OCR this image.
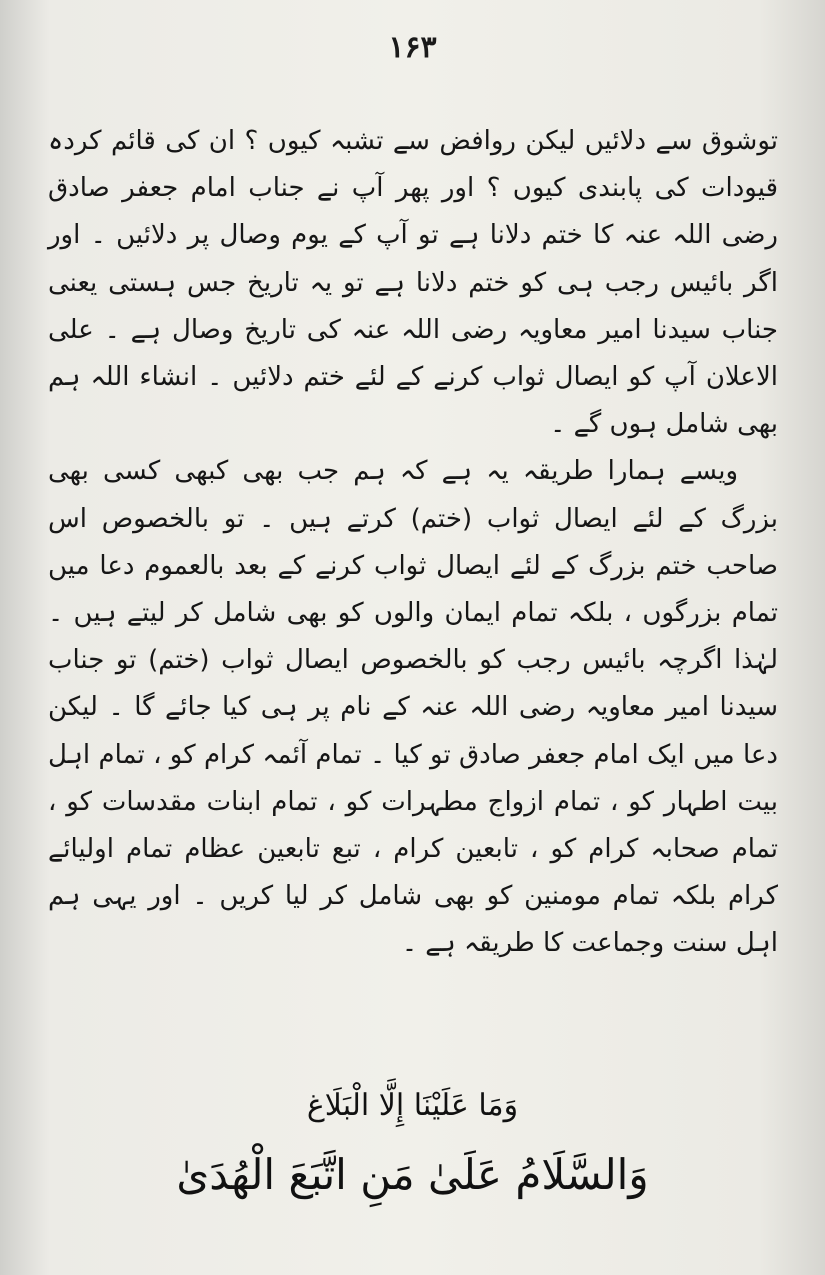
۱۶۳

توشوق سے دلائیں لیکن روافض سے تشبہ کیوں ؟ ان کی قائم کردہ قیودات کی پابندی کیوں ؟ اور پھر آپ نے جناب امام جعفر صادق رضی اللہ عنہ کا ختم دلانا ہے تو آپ کے یوم وصال پر دلائیں ۔ اور اگر بائیس رجب ہی کو ختم دلانا ہے تو یہ تاریخ جس ہستی یعنی جناب سیدنا امیر معاویہ رضی اللہ عنہ کی تاریخ وصال ہے ۔ علی الاعلان آپ کو ایصال ثواب کرنے کے لئے ختم دلائیں ۔ انشاء اللہ ہم بھی شامل ہوں گے ۔

ویسے ہمارا طریقہ یہ ہے کہ ہم جب بھی کبھی کسی بھی بزرگ کے لئے ایصال ثواب (ختم) کرتے ہیں ۔ تو بالخصوص اس صاحب ختم بزرگ کے لئے ایصال ثواب کرنے کے بعد بالعموم دعا میں تمام بزرگوں ، بلکہ تمام ایمان والوں کو بھی شامل کر لیتے ہیں ۔ لہٰذا اگرچہ بائیس رجب کو بالخصوص ایصال ثواب (ختم) تو جناب سیدنا امیر معاویہ رضی اللہ عنہ کے نام پر ہی کیا جائے گا ۔ لیکن دعا میں ایک امام جعفر صادق تو کیا ۔ تمام آئمہ کرام کو ، تمام اہل بیت اطہار کو ، تمام ازواج مطہرات کو ، تمام ابنات مقدسات کو ، تمام صحابہ کرام کو ، تابعین کرام ، تبع تابعین عظام تمام اولیائے کرام بلکہ تمام مومنین کو بھی شامل کر لیا کریں ۔ اور یہی ہم اہل سنت وجماعت کا طریقہ ہے ۔

وَمَا عَلَيْنَا إِلَّا الْبَلَاغ

وَالسَّلَامُ عَلَىٰ مَنِ اتَّبَعَ الْهُدَىٰ
